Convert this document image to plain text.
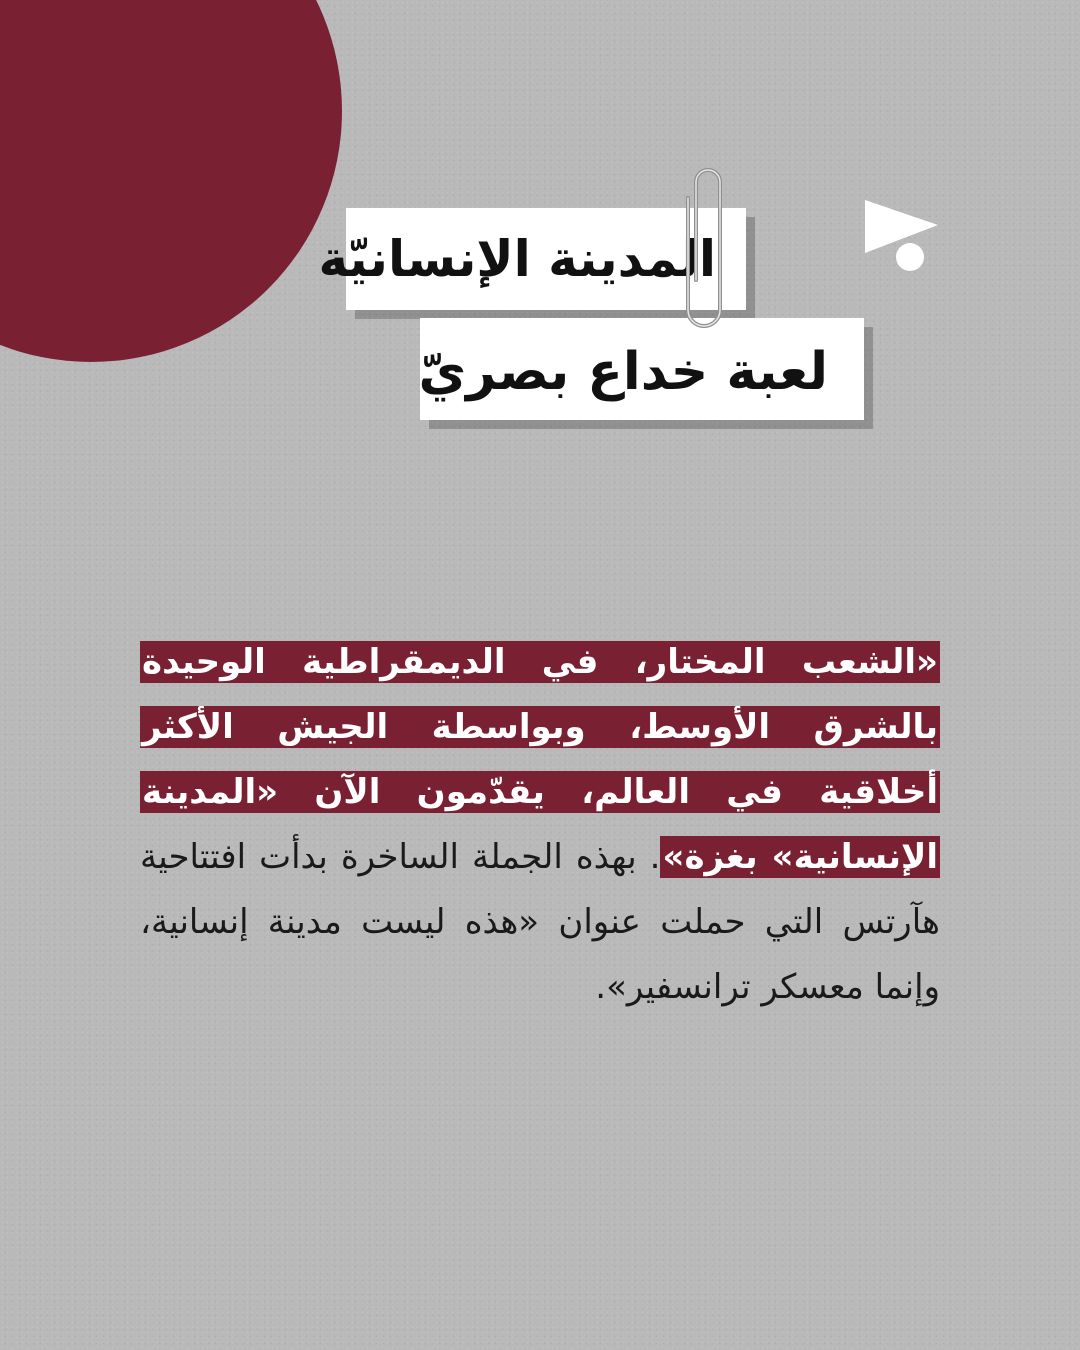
المدينة الإنسانيّة
لعبة خداع بصريّ

«الشعب المختار، في الديمقراطية الوحيدة بالشرق الأوسط، وبواسطة الجيش الأكثر أخلاقية في العالم، يقدّمون الآن «المدينة الإنسانية» بغزة». بهذه الجملة الساخرة بدأت افتتاحية هآرتس التي حملت عنوان «هذه ليست مدينة إنسانية، وإنما معسكر ترانسفير».
